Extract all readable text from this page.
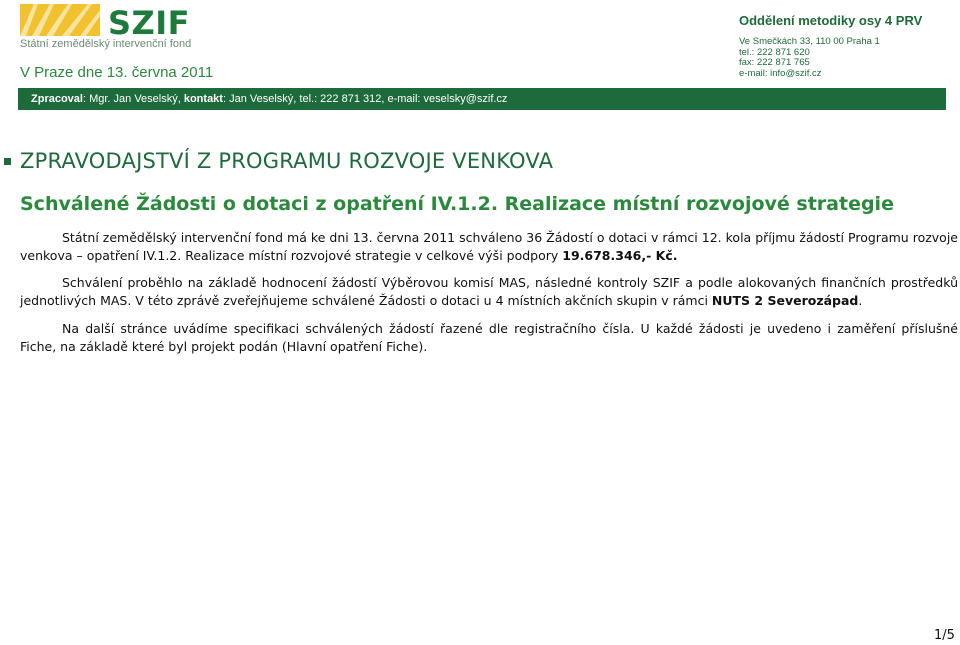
SZIF
Státní zemědělský intervenční fond
V Praze dne 13. června 2011
Oddělení metodiky osy 4 PRV
Ve Smečkách 33, 110 00 Praha 1
tel.: 222 871 620
fax: 222 871 765
e-mail: info@szif.cz
Zpracoval: Mgr. Jan Veselský, kontakt: Jan Veselský, tel.: 222 871 312, e-mail: veselsky@szif.cz
ZPRAVODAJSTVÍ Z PROGRAMU ROZVOJE VENKOVA
Schválené Žádosti o dotaci z opatření IV.1.2. Realizace místní rozvojové strategie
Státní zemědělský intervenční fond má ke dni 13. června 2011 schváleno 36 Žádostí o dotaci v rámci 12. kola příjmu žádostí Programu rozvoje venkova – opatření IV.1.2. Realizace místní rozvojové strategie v celkové výši podpory 19.678.346,- Kč.
Schválení proběhlo na základě hodnocení žádostí Výběrovou komisí MAS, následné kontroly SZIF a podle alokovaných finančních prostředků jednotlivých MAS. V této zprávě zveřejňujeme schválené Žádosti o dotaci u 4 místních akčních skupin v rámci NUTS 2 Severozápad.
Na další stránce uvádíme specifikaci schválených žádostí řazené dle registračního čísla. U každé žádosti je uvedeno i zaměření příslušné Fiche, na základě které byl projekt podán (Hlavní opatření Fiche).
1/5
